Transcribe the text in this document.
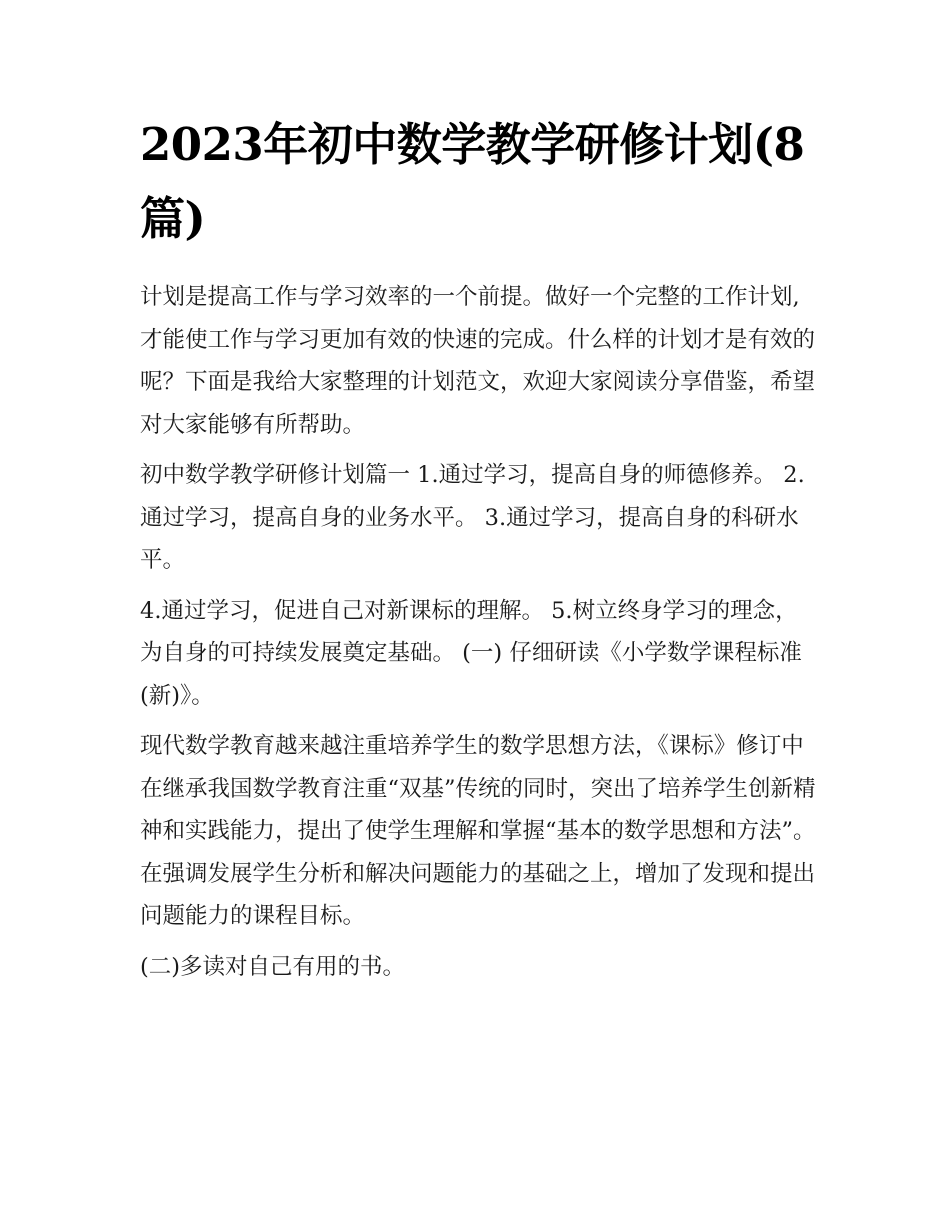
2023年初中数学教学研修计划(8篇)

计划是提高工作与学习效率的一个前提。做好一个完整的工作计划,才能使工作与学习更加有效的快速的完成。什么样的计划才是有效的呢？下面是我给大家整理的计划范文，欢迎大家阅读分享借鉴，希望对大家能够有所帮助。

初中数学教学研修计划篇一 1.通过学习，提高自身的师德修养。 2.通过学习，提高自身的业务水平。 3.通过学习，提高自身的科研水平。

4.通过学习，促进自己对新课标的理解。 5.树立终身学习的理念，为自身的可持续发展奠定基础。 (一) 仔细研读《小学数学课程标准(新)》。

现代数学教育越来越注重培养学生的数学思想方法，《课标》修订中在继承我国数学教育注重“双基”传统的同时，突出了培养学生创新精神和实践能力，提出了使学生理解和掌握“基本的数学思想和方法”。在强调发展学生分析和解决问题能力的基础之上，增加了发现和提出问题能力的课程目标。

(二)多读对自己有用的书。
